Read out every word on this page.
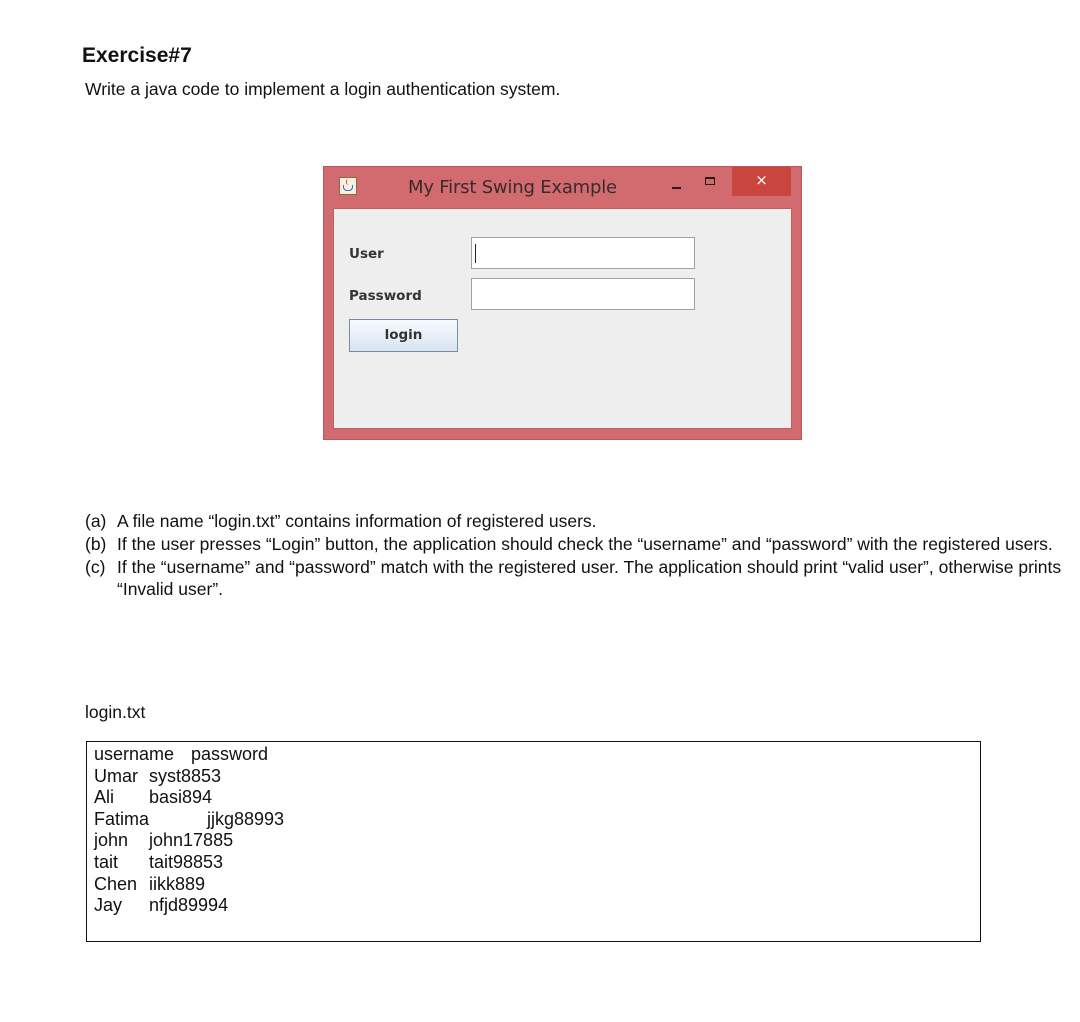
Exercise#7

Write a java code to implement a login authentication system.

My First Swing Example	×
User
Password
login

(a) A file name “login.txt” contains information of registered users.

(b) If the user presses “Login” button, the application should check the “username” and “password” with the registered users.

(c) If the “username” and “password” match with the registered user. The application should print “valid user”, otherwise prints “Invalid user”.

login.txt
username password
Umar syst8853
Ali basi894
Fatima	jjkg88993
john john17885
tait tait98853
Chen iikk889
Jay nfjd89994
